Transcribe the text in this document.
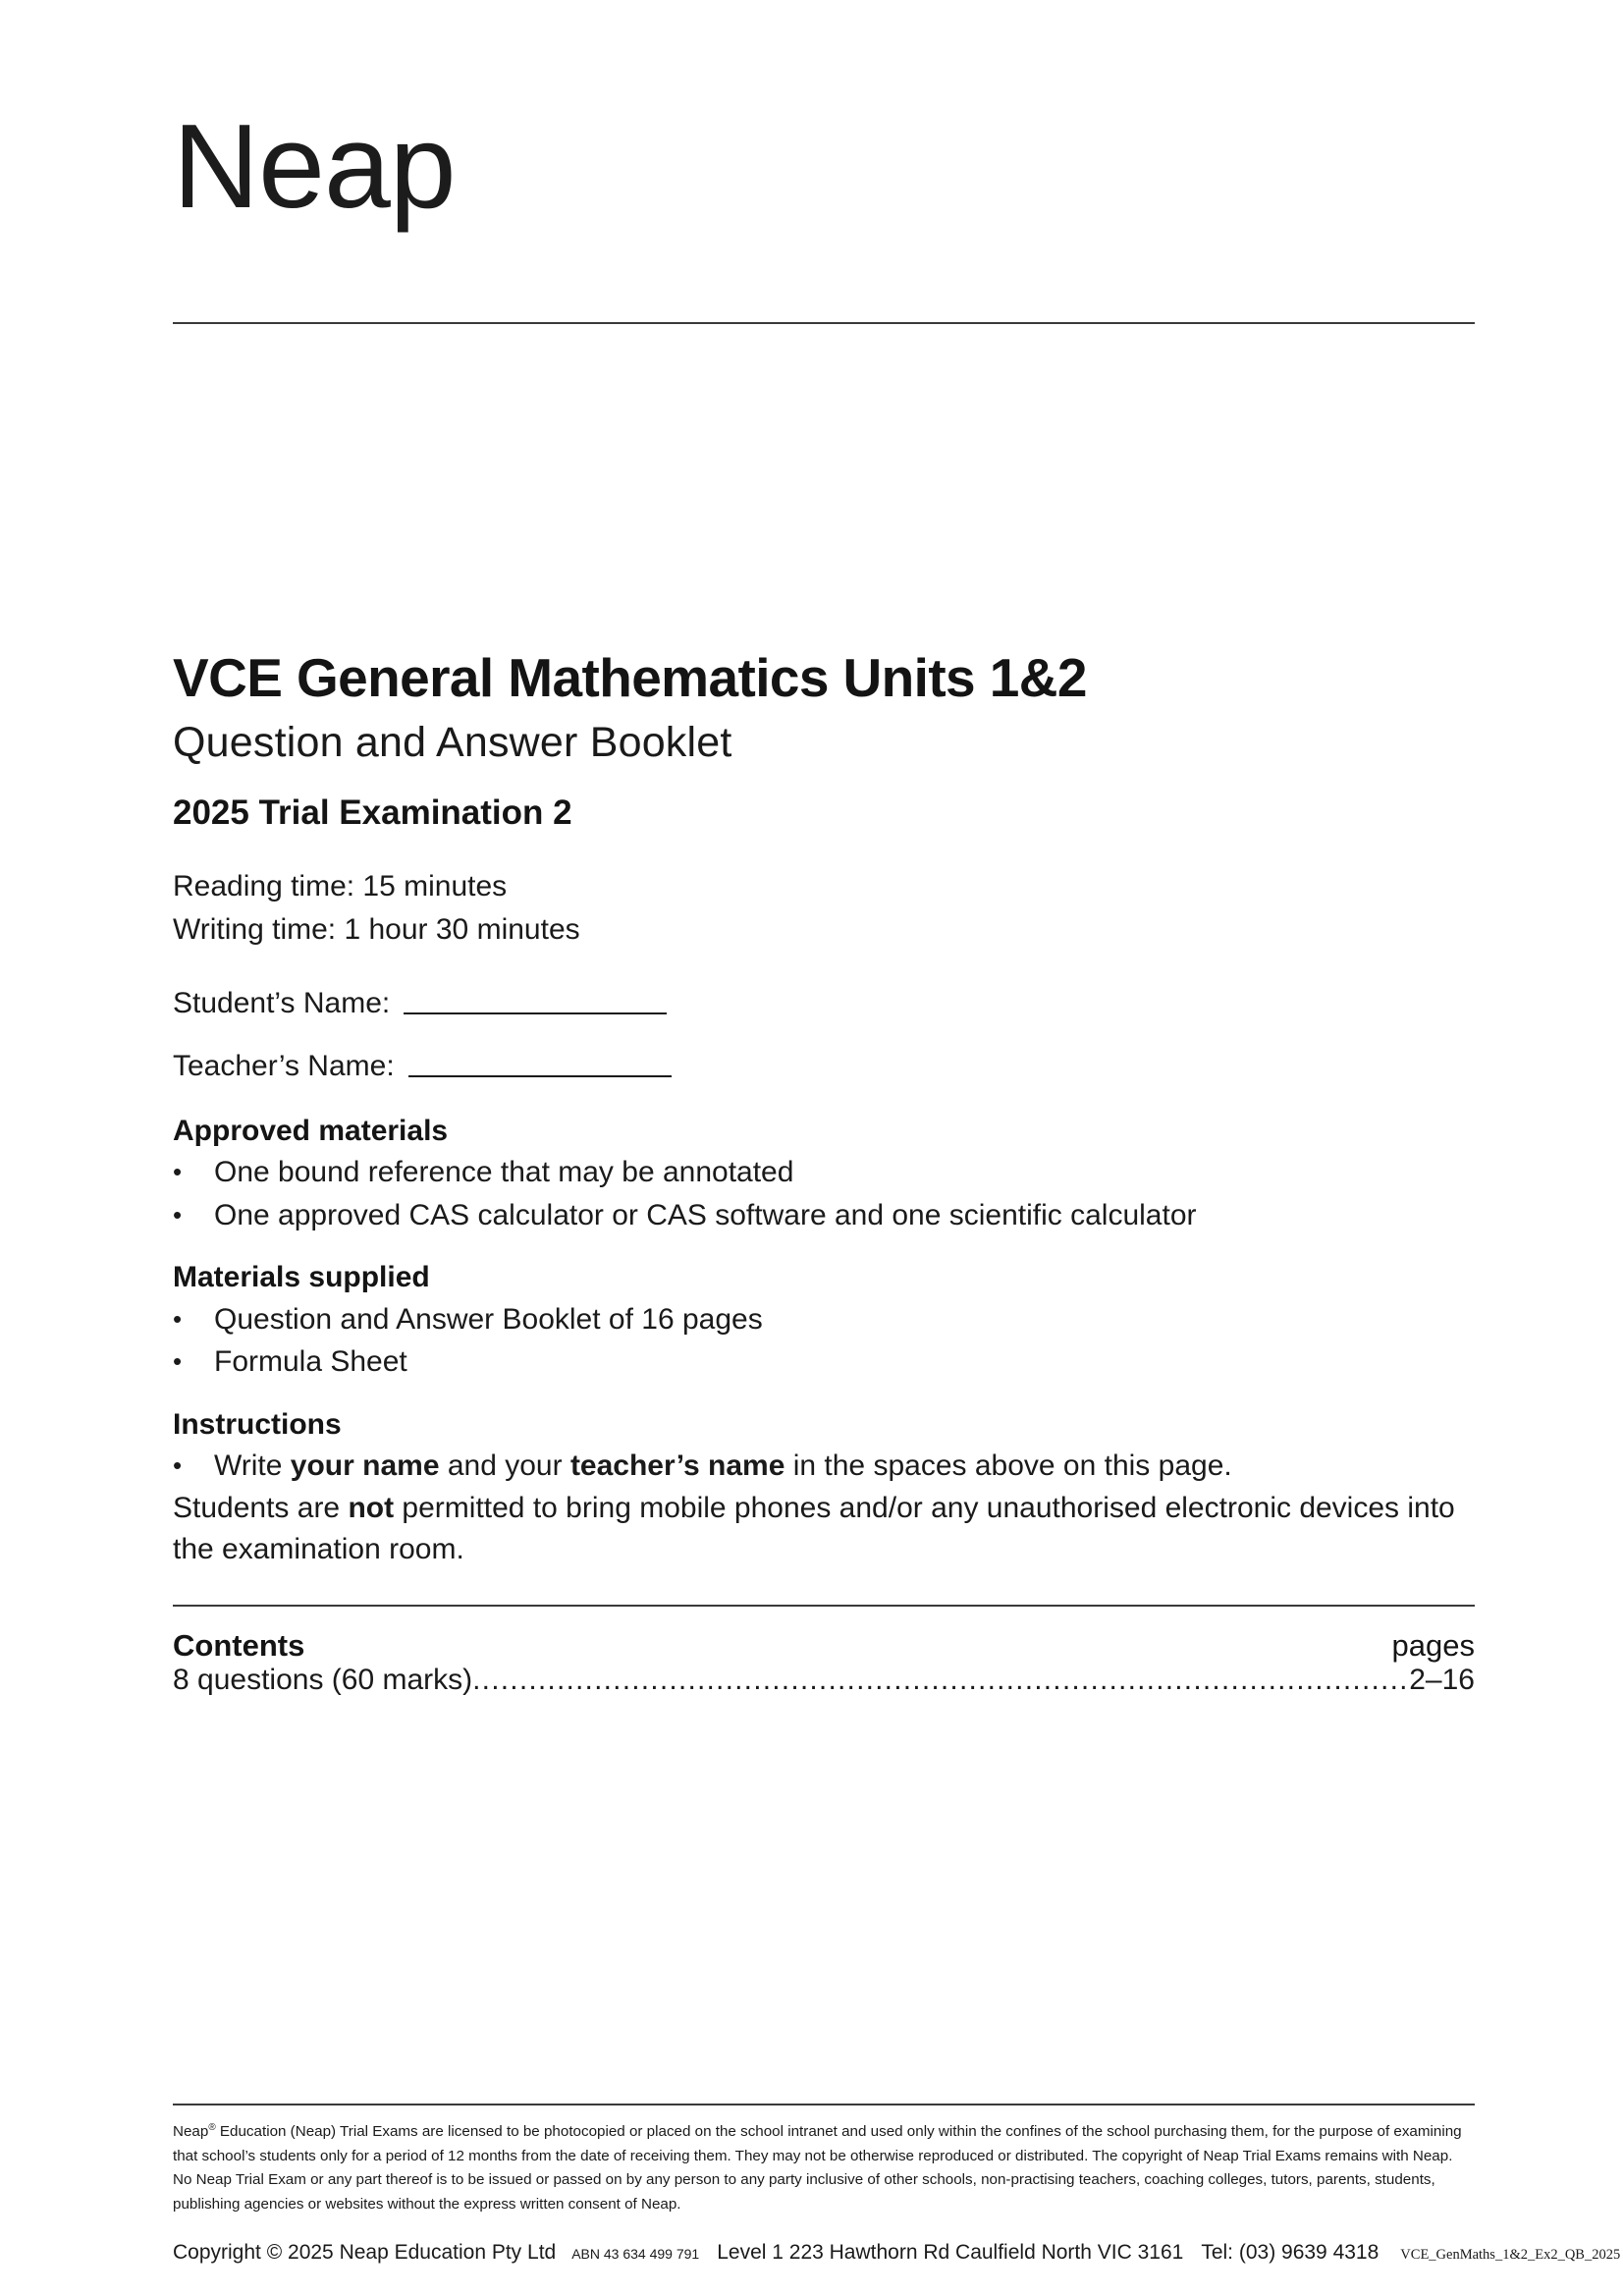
Neap
VCE General Mathematics Units 1&2
Question and Answer Booklet
2025 Trial Examination 2
Reading time: 15 minutes
Writing time: 1 hour 30 minutes
Student’s Name:
Teacher’s Name:
Approved materials
•	One bound reference that may be annotated
•	One approved CAS calculator or CAS software and one scientific calculator
Materials supplied
•	Question and Answer Booklet of 16 pages
•	Formula Sheet
Instructions
•	Write your name and your teacher’s name in the spaces above on this page.
Students are not permitted to bring mobile phones and/or any unauthorised electronic devices into the examination room.
Contents	pages
8 questions (60 marks) .....	2–16

Neap® Education (Neap) Trial Exams are licensed to be photocopied or placed on the school intranet and used only within the confines of the school purchasing them, for the purpose of examining that school’s students only for a period of 12 months from the date of receiving them. They may not be otherwise reproduced or distributed. The copyright of Neap Trial Exams remains with Neap. No Neap Trial Exam or any part thereof is to be issued or passed on by any person to any party inclusive of other schools, non-practising teachers, coaching colleges, tutors, parents, students, publishing agencies or websites without the express written consent of Neap.

Copyright © 2025 Neap Education Pty Ltd ABN 43 634 499 791 Level 1 223 Hawthorn Rd Caulfield North VIC 3161 Tel: (03) 9639 4318 VCE_GenMaths_1&2_Ex2_QB_2025
